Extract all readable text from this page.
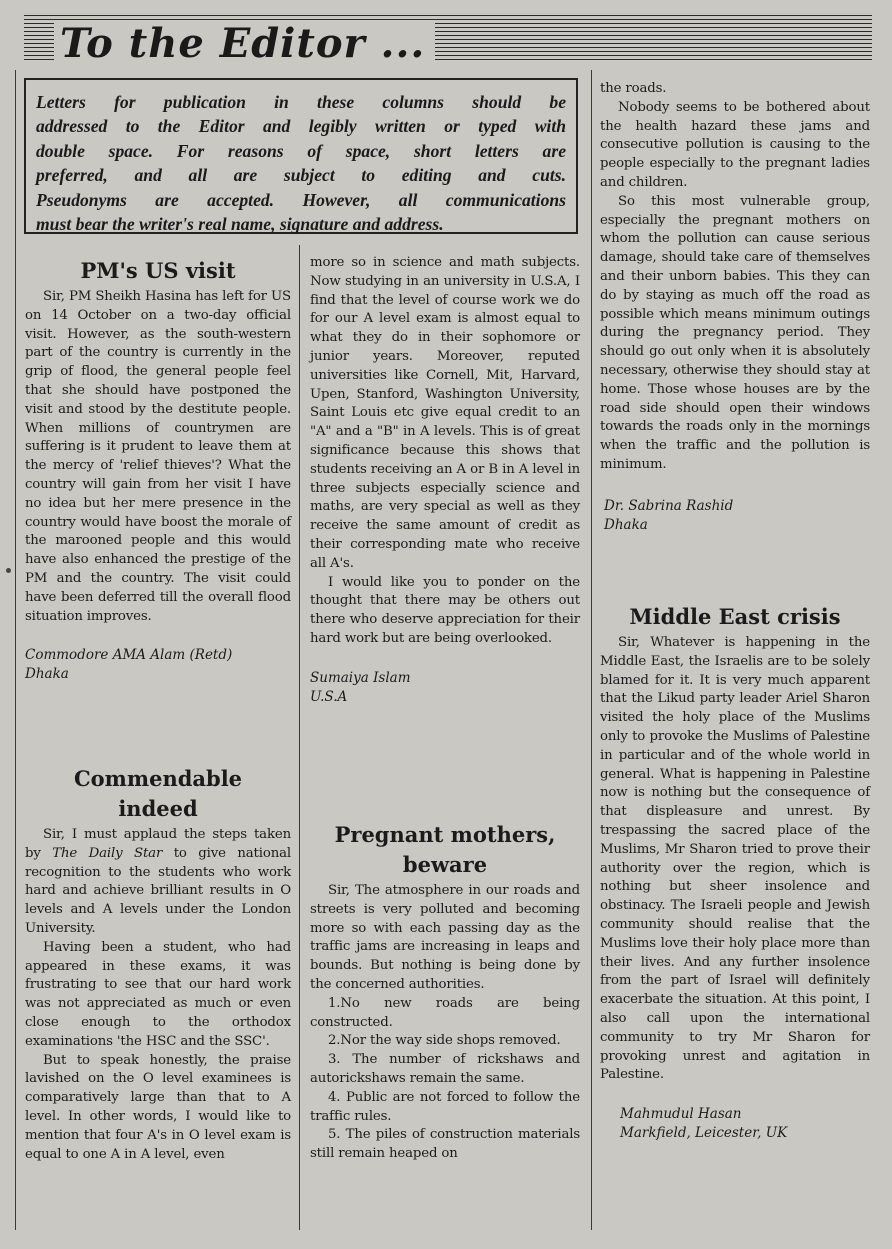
To the Editor ...

Letters for publication in these columns should be

addressed to the Editor and legibly written or typed with

double space. For reasons of space, short letters are

preferred, and all are subject to editing and cuts.

Pseudonyms are accepted. However, all communications

must bear the writer's real name, signature and address.

PM's US visit

Sir, PM Sheikh Hasina has left for US on 14 October on a two-day official visit. However, as the south-western part of the country is currently in the grip of flood, the general people feel that she should have postponed the visit and stood by the destitute people. When millions of countrymen are suffering is it prudent to leave them at the mercy of 'relief thieves'? What the country will gain from her visit I have no idea but her mere presence in the country would have boost the morale of the marooned people and this would have also enhanced the prestige of the PM and the country. The visit could have been deferred till the overall flood situation improves.

Commodore AMA Alam (Retd)

Dhaka

Commendable
indeed

Sir, I must applaud the steps taken by The Daily Star to give national recognition to the students who work hard and achieve brilliant results in O levels and A levels under the London University.

Having been a student, who had appeared in these exams, it was frustrating to see that our hard work was not appreciated as much or even close enough to the orthodox examinations 'the HSC and the SSC'.

But to speak honestly, the praise lavished on the O level examinees is comparatively large than that to A level. In other words, I would like to mention that four A's in O level exam is equal to one A in A level, even

more so in science and math subjects. Now studying in an university in U.S.A, I find that the level of course work we do for our A level exam is almost equal to what they do in their sophomore or junior years. Moreover, reputed universities like Cornell, Mit, Harvard, Upen, Stanford, Washington University, Saint Louis etc give equal credit to an "A" and a "B" in A levels. This is of great significance because this shows that students receiving an A or B in A level in three subjects especially science and maths, are very special as well as they receive the same amount of credit as their corresponding mate who receive all A's.

I would like you to ponder on the thought that there may be others out there who deserve appreciation for their hard work but are being overlooked.

Sumaiya Islam

U.S.A

Pregnant mothers,
beware

Sir, The atmosphere in our roads and streets is very polluted and becoming more so with each passing day as the traffic jams are increasing in leaps and bounds. But nothing is being done by the concerned authorities.

1.No new roads are being constructed.

2.Nor the way side shops removed.

3. The number of rickshaws and autorickshaws remain the same.

4. Public are not forced to follow the traffic rules.

5. The piles of construction materials still remain heaped on

the roads.

Nobody seems to be bothered about the health hazard these jams and consecutive pollution is causing to the people especially to the pregnant ladies and children.

So this most vulnerable group, especially the pregnant mothers on whom the pollution can cause serious damage, should take care of themselves and their unborn babies. This they can do by staying as much off the road as possible which means minimum outings during the pregnancy period. They should go out only when it is absolutely necessary, otherwise they should stay at home. Those whose houses are by the road side should open their windows towards the roads only in the mornings when the traffic and the pollution is minimum.

Dr. Sabrina Rashid

Dhaka

Middle East crisis

Sir, Whatever is happening in the Middle East, the Israelis are to be solely blamed for it. It is very much apparent that the Likud party leader Ariel Sharon visited the holy place of the Muslims only to provoke the Muslims of Palestine in particular and of the whole world in general. What is happening in Palestine now is nothing but the consequence of that displeasure and unrest. By trespassing the sacred place of the Muslims, Mr Sharon tried to prove their authority over the region, which is nothing but sheer insolence and obstinacy. The Israeli people and Jewish community should realise that the Muslims love their holy place more than their lives. And any further insolence from the part of Israel will definitely exacerbate the situation. At this point, I also call upon the international community to try Mr Sharon for provoking unrest and agitation in Palestine.

Mahmudul Hasan

Markfield, Leicester, UK
